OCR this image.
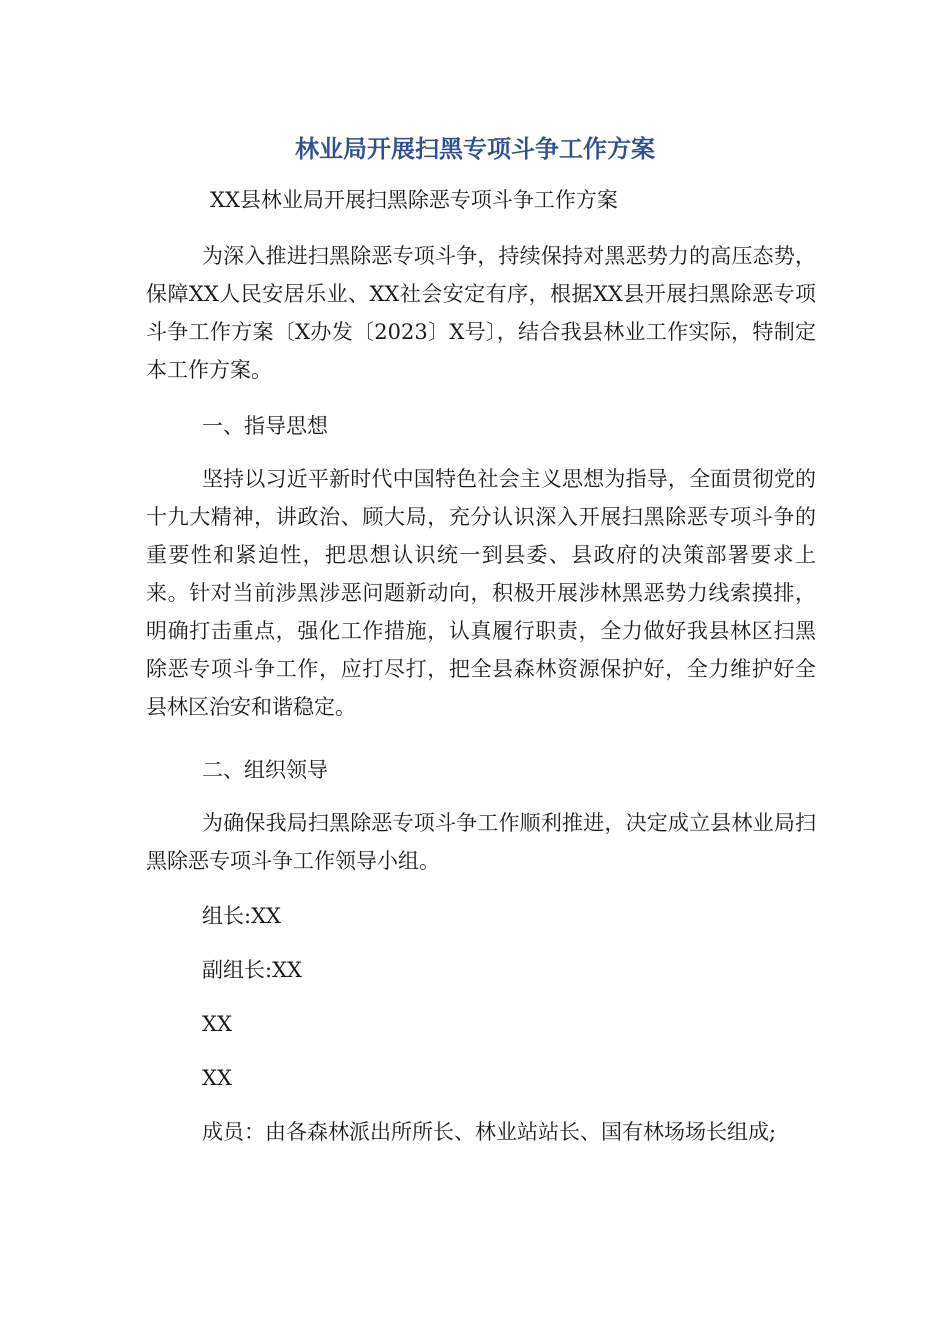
林业局开展扫黑专项斗争工作方案

XX县林业局开展扫黑除恶专项斗争工作方案

为深入推进扫黑除恶专项斗争，持续保持对黑恶势力的高压态势，保障XX人民安居乐业、XX社会安定有序，根据XX县开展扫黑除恶专项斗争工作方案〔X办发〔2023〕X号〕，结合我县林业工作实际，特制定本工作方案。

一、指导思想

坚持以习近平新时代中国特色社会主义思想为指导，全面贯彻党的十九大精神，讲政治、顾大局，充分认识深入开展扫黑除恶专项斗争的重要性和紧迫性，把思想认识统一到县委、县政府的决策部署要求上来。针对当前涉黑涉恶问题新动向，积极开展涉林黑恶势力线索摸排，明确打击重点，强化工作措施，认真履行职责，全力做好我县林区扫黑除恶专项斗争工作，应打尽打，把全县森林资源保护好，全力维护好全县林区治安和谐稳定。

二、组织领导

为确保我局扫黑除恶专项斗争工作顺利推进，决定成立县林业局扫黑除恶专项斗争工作领导小组。

组长:XX

副组长:XX

XX

XX

成员：由各森林派出所所长、林业站站长、国有林场场长组成;
